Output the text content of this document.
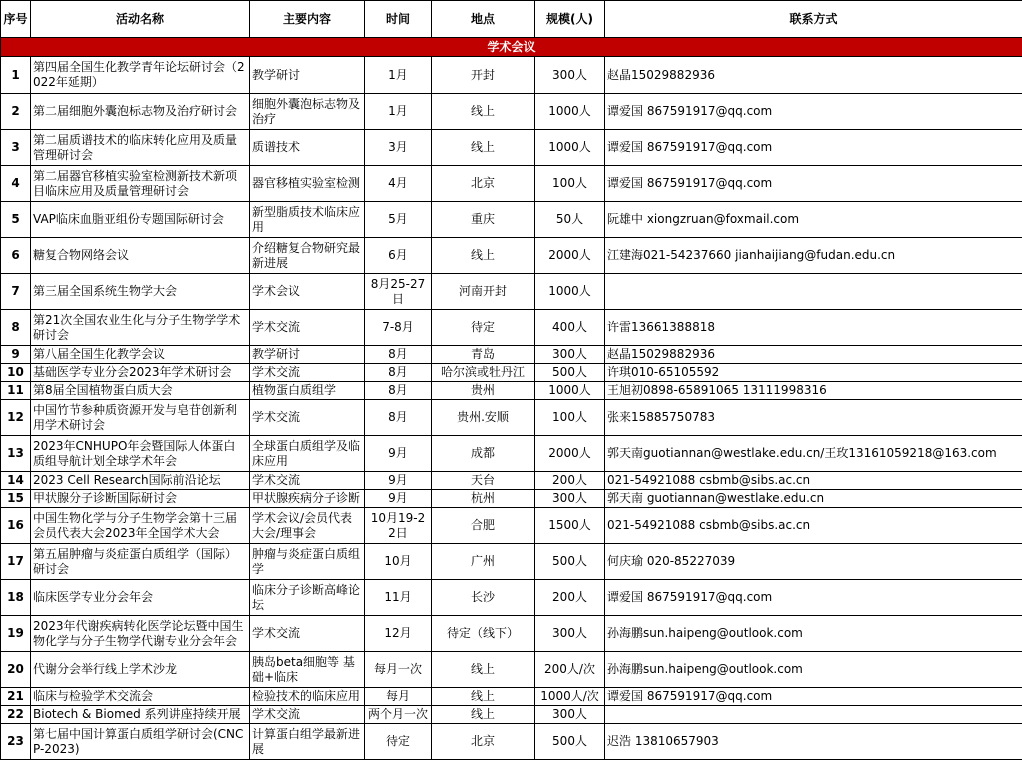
序号	活动名称	主要内容	时间	地点	规模(人)	联系方式
学术会议						
1	第四届全国生化教学青年论坛研讨会（2022年延期）	教学研讨	1月	开封	300人	赵晶15029882936
2	第二届细胞外囊泡标志物及治疗研讨会	细胞外囊泡标志物及治疗	1月	线上	1000人	谭爱国 867591917@qq.com
3	第二届质谱技术的临床转化应用及质量管理研讨会	质谱技术	3月	线上	1000人	谭爱国 867591917@qq.com
4	第二届器官移植实验室检测新技术新项目临床应用及质量管理研讨会	器官移植实验室检测	4月	北京	100人	谭爱国 867591917@qq.com
5	VAP临床血脂亚组份专题国际研讨会	新型脂质技术临床应用	5月	重庆	50人	阮雄中 xiongzruan@foxmail.com
6	糖复合物网络会议	介绍糖复合物研究最新进展	6月	线上	2000人	江建海021-54237660 jianhaijiang@fudan.edu.cn
7	第三届全国系统生物学大会	学术会议	8月25-27日	河南开封	1000人	
8	第21次全国农业生化与分子生物学学术研讨会	学术交流	7-8月	待定	400人	许雷13661388818
9	第八届全国生化教学会议	教学研讨	8月	青岛	300人	赵晶15029882936
10	基础医学专业分会2023年学术研讨会	学术交流	8月	哈尔滨或牡丹江	500人	许琪010-65105592
11	第8届全国植物蛋白质大会	植物蛋白质组学	8月	贵州	1000人	王旭初0898-65891065 13111998316
12	中国竹节参种质资源开发与皂苷创新利用学术研讨会	学术交流	8月	贵州.安顺	100人	张来15885750783
13	2023年CNHUPO年会暨国际人体蛋白质组导航计划全球学术年会	全球蛋白质组学及临床应用	9月	成都	2000人	郭天南guotiannan@westlake.edu.cn/王玫13161059218@163.com
14	2023 Cell Research国际前沿论坛	学术交流	9月	天台	200人	021-54921088 csbmb@sibs.ac.cn
15	甲状腺分子诊断国际研讨会	甲状腺疾病分子诊断	9月	杭州	300人	郭天南 guotiannan@westlake.edu.cn
16	中国生物化学与分子生物学会第十三届会员代表大会2023年全国学术大会	学术会议/会员代表大会/理事会	10月19-22日	合肥	1500人	021-54921088 csbmb@sibs.ac.cn
17	第五届肿瘤与炎症蛋白质组学（国际）研讨会	肿瘤与炎症蛋白质组学	10月	广州	500人	何庆瑜 020-85227039
18	临床医学专业分会年会	临床分子诊断高峰论坛	11月	长沙	200人	谭爱国 867591917@qq.com
19	2023年代谢疾病转化医学论坛暨中国生物化学与分子生物学代谢专业分会年会	学术交流	12月	待定（线下）	300人	孙海鹏sun.haipeng@outlook.com
20	代谢分会举行线上学术沙龙	胰岛beta细胞等 基础+临床	每月一次	线上	200人/次	孙海鹏sun.haipeng@outlook.com
21	临床与检验学术交流会	检验技术的临床应用	每月	线上	1000人/次	谭爱国 867591917@qq.com
22	Biotech & Biomed 系列讲座持续开展	学术交流	两个月一次	线上	300人	
23	第七届中国计算蛋白质组学研讨会(CNCP-2023)	计算蛋白组学最新进展	待定	北京	500人	迟浩 13810657903
